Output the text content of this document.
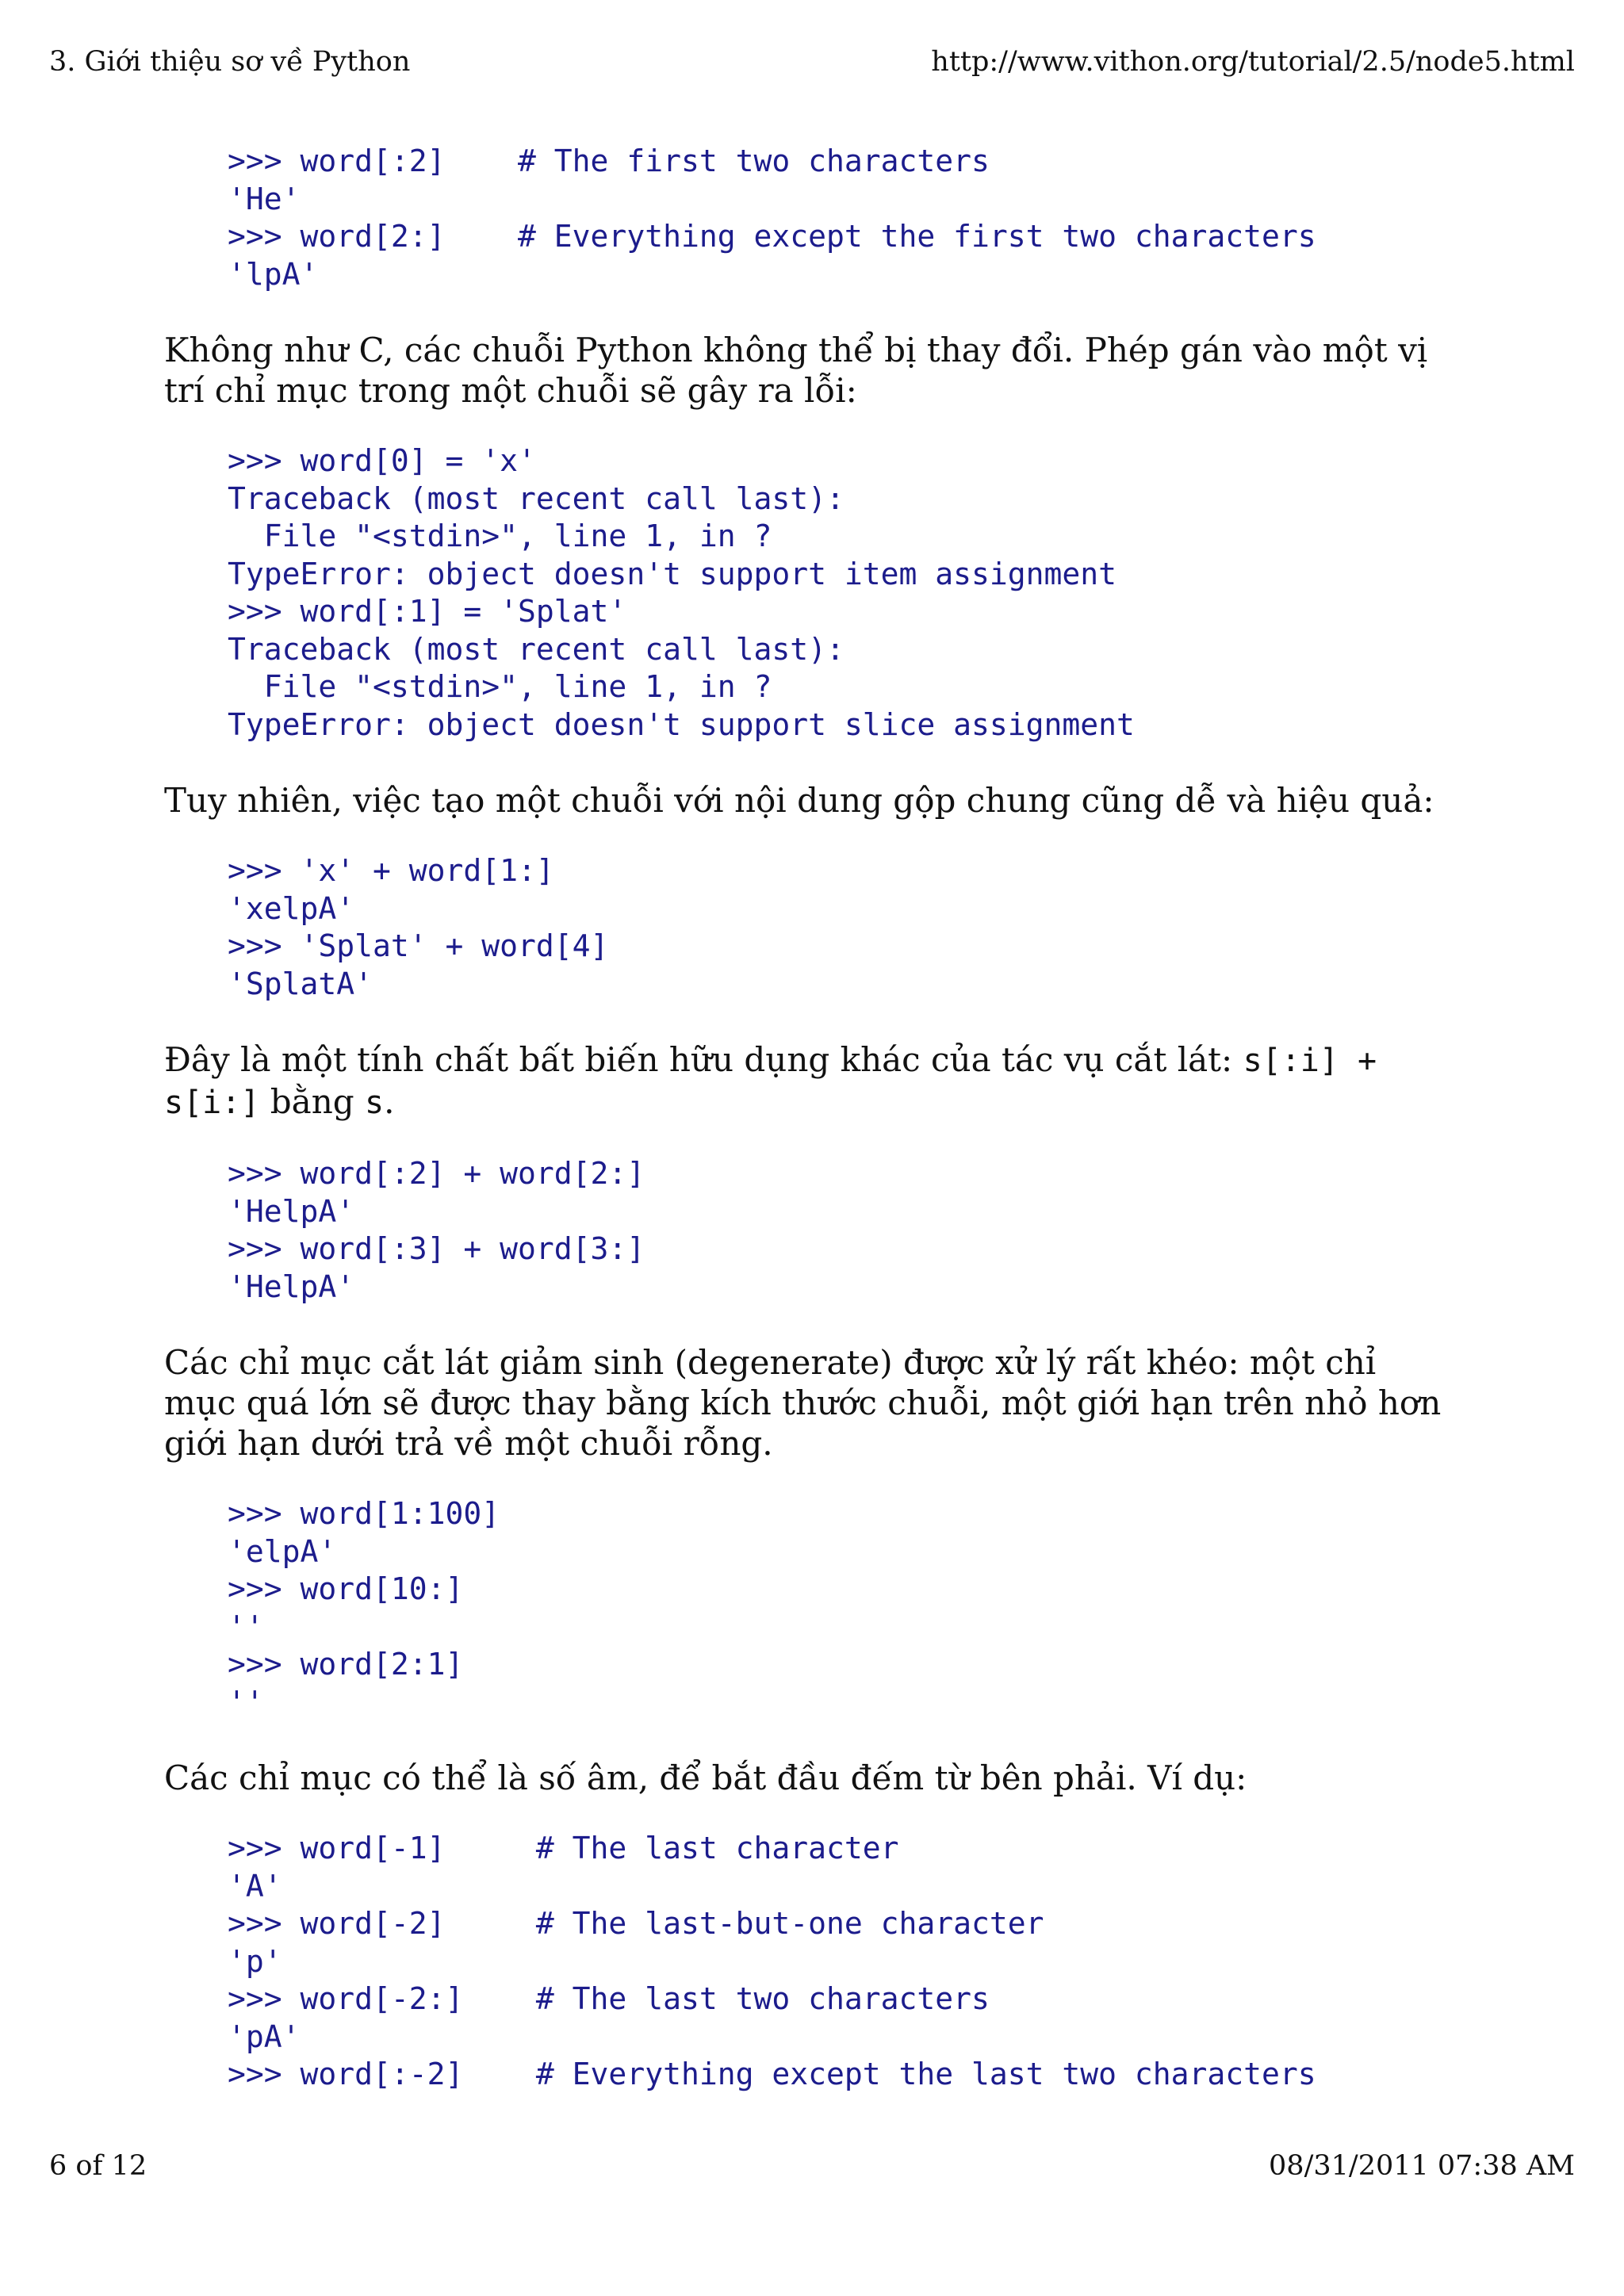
3. Giới thiệu sơ về Python	http://www.vithon.org/tutorial/2.5/node5.html
>>> word[:2]    # The first two characters
'He'
>>> word[2:]    # Everything except the first two characters
'lpA'

Không như C, các chuỗi Python không thể bị thay đổi. Phép gán vào một vị trí chỉ mục trong một chuỗi sẽ gây ra lỗi:

>>> word[0] = 'x'
Traceback (most recent call last):
File "<stdin>", line 1, in ?
TypeError: object doesn't support item assignment
>>> word[:1] = 'Splat'
Traceback (most recent call last):
File "<stdin>", line 1, in ?
TypeError: object doesn't support slice assignment

Tuy nhiên, việc tạo một chuỗi với nội dung gộp chung cũng dễ và hiệu quả:

>>> 'x' + word[1:]
'xelpA'
>>> 'Splat' + word[4]
'SplatA'

Đây là một tính chất bất biến hữu dụng khác của tác vụ cắt lát: s[:i] + s[i:] bằng s.

>>> word[:2] + word[2:]
'HelpA'
>>> word[:3] + word[3:]
'HelpA'

Các chỉ mục cắt lát giảm sinh (degenerate) được xử lý rất khéo: một chỉ mục quá lớn sẽ được thay bằng kích thước chuỗi, một giới hạn trên nhỏ hơn giới hạn dưới trả về một chuỗi rỗng.

>>> word[1:100]
'elpA'
>>> word[10:]
''
>>> word[2:1]
''

Các chỉ mục có thể là số âm, để bắt đầu đếm từ bên phải. Ví dụ:

>>> word[-1]     # The last character
'A'
>>> word[-2]     # The last-but-one character
'p'
>>> word[-2:]    # The last two characters
'pA'
>>> word[:-2]    # Everything except the last two characters
6 of 12	08/31/2011 07:38 AM
